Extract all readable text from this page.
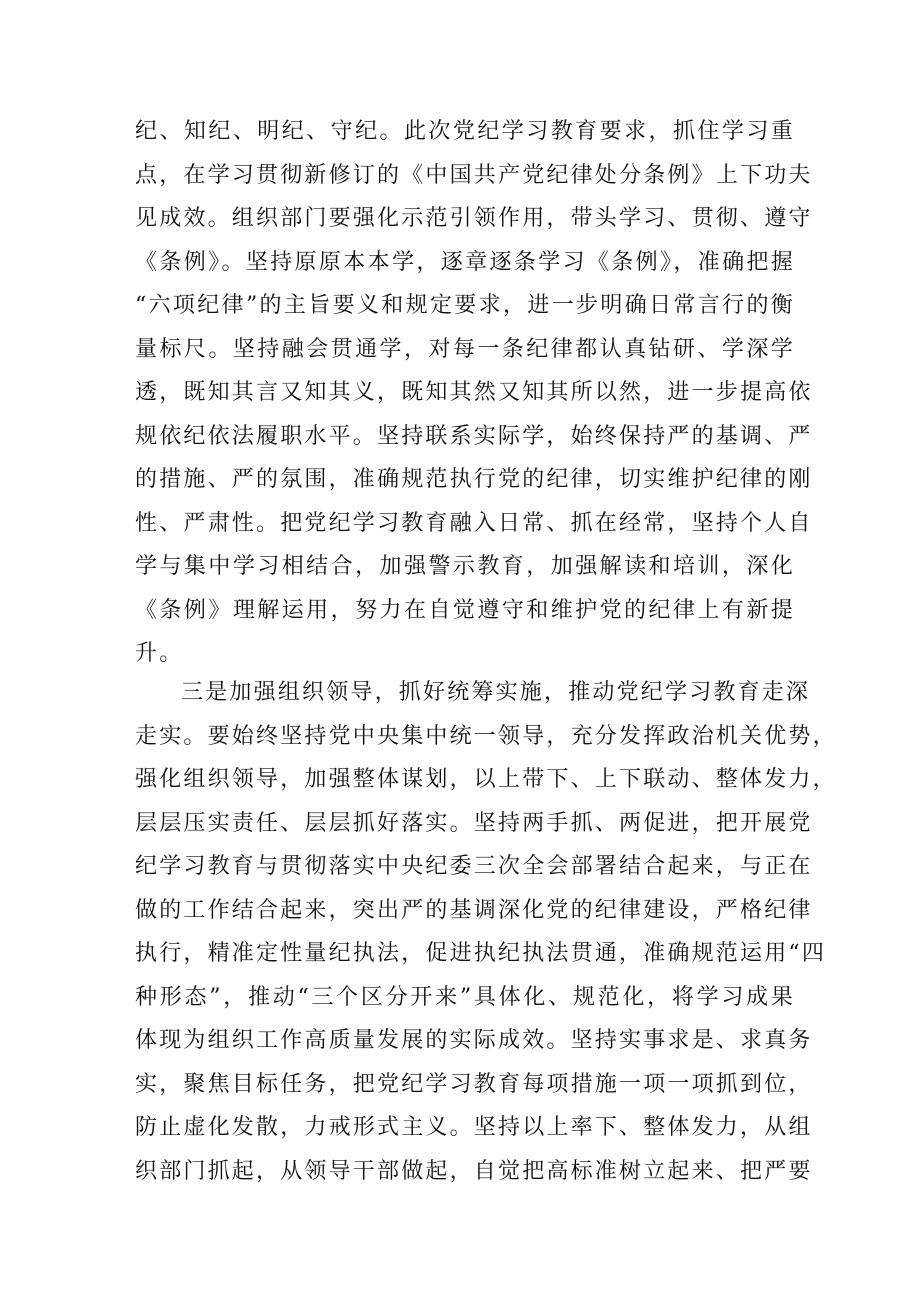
纪、知纪、明纪、守纪。此次党纪学习教育要求，抓住学习重
点，在学习贯彻新修订的《中国共产党纪律处分条例》上下功夫
见成效。组织部门要强化示范引领作用，带头学习、贯彻、遵守
《条例》。坚持原原本本学，逐章逐条学习《条例》，准确把握
“六项纪律”的主旨要义和规定要求，进一步明确日常言行的衡
量标尺。坚持融会贯通学，对每一条纪律都认真钻研、学深学
透，既知其言又知其义，既知其然又知其所以然，进一步提高依
规依纪依法履职水平。坚持联系实际学，始终保持严的基调、严
的措施、严的氛围，准确规范执行党的纪律，切实维护纪律的刚
性、严肃性。把党纪学习教育融入日常、抓在经常，坚持个人自
学与集中学习相结合，加强警示教育，加强解读和培训，深化
《条例》理解运用，努力在自觉遵守和维护党的纪律上有新提
升。
三是加强组织领导，抓好统筹实施，推动党纪学习教育走深
走实。要始终坚持党中央集中统一领导，充分发挥政治机关优势，
强化组织领导，加强整体谋划，以上带下、上下联动、整体发力，
层层压实责任、层层抓好落实。坚持两手抓、两促进，把开展党
纪学习教育与贯彻落实中央纪委三次全会部署结合起来，与正在
做的工作结合起来，突出严的基调深化党的纪律建设，严格纪律
执行，精准定性量纪执法，促进执纪执法贯通，准确规范运用“四
种形态”，推动“三个区分开来”具体化、规范化，将学习成果
体现为组织工作高质量发展的实际成效。坚持实事求是、求真务
实，聚焦目标任务，把党纪学习教育每项措施一项一项抓到位，
防止虚化发散，力戒形式主义。坚持以上率下、整体发力，从组
织部门抓起，从领导干部做起，自觉把高标准树立起来、把严要
